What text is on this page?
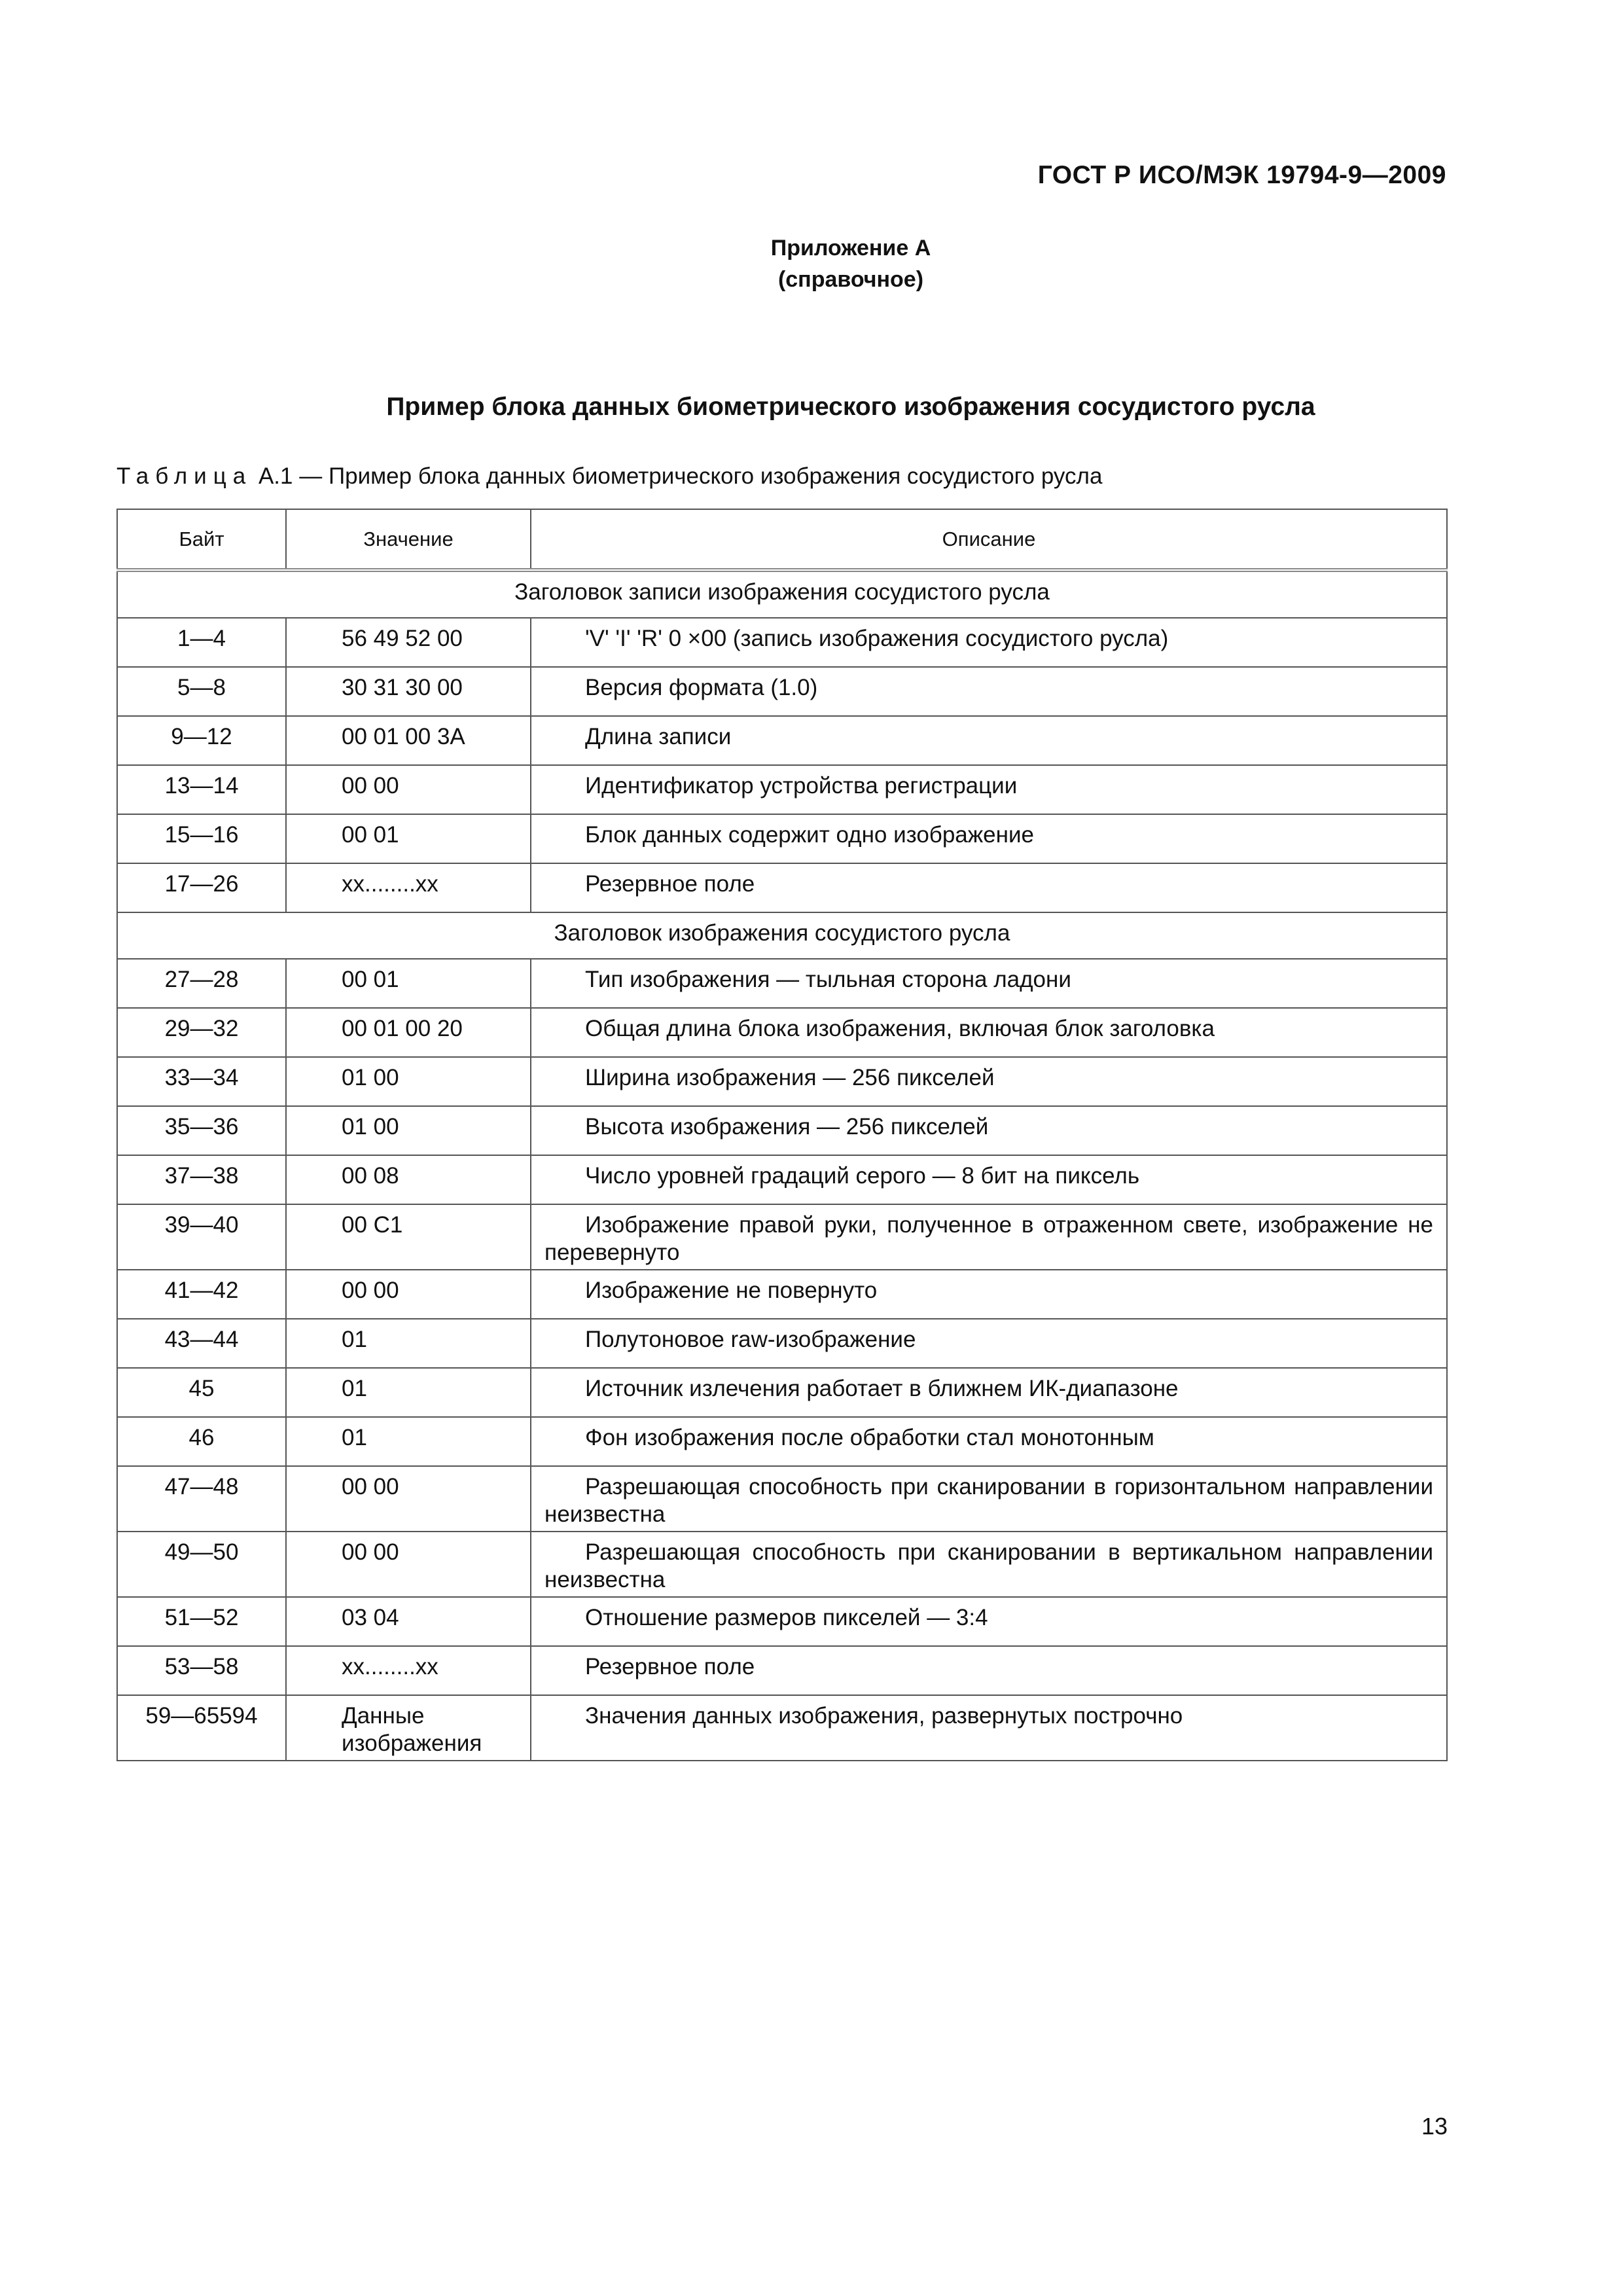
ГОСТ Р ИСО/МЭК 19794-9—2009
Приложение А
(справочное)
Пример блока данных биометрического изображения сосудистого русла
Таблица А.1 — Пример блока данных биометрического изображения сосудистого русла
Байт	Значение	Описание
Заголовок записи изображения сосудистого русла		
1—4	56 49 52 00	'V' 'I' 'R' 0 ×00 (запись изображения сосудистого русла)
5—8	30 31 30 00	Версия формата (1.0)
9—12	00 01 00 3A	Длина записи
13—14	00 00	Идентификатор устройства регистрации
15—16	00 01	Блок данных содержит одно изображение
17—26	xx........xx	Резервное поле
Заголовок изображения сосудистого русла		
27—28	00 01	Тип изображения — тыльная сторона ладони
29—32	00 01 00 20	Общая длина блока изображения, включая блок заголовка
33—34	01 00	Ширина изображения — 256 пикселей
35—36	01 00	Высота изображения — 256 пикселей
37—38	00 08	Число уровней градаций серого — 8 бит на пиксель
39—40	00 C1	Изображение правой руки, полученное в отраженном свете, изображение не перевернуто
41—42	00 00	Изображение не повернуто
43—44	01	Полутоновое raw-изображение
45	01	Источник излечения работает в ближнем ИК-диапазоне
46	01	Фон изображения после обработки стал монотонным
47—48	00 00	Разрешающая способность при сканировании в горизонтальном направлении неизвестна
49—50	00 00	Разрешающая способность при сканировании в вертикальном направлении неизвестна
51—52	03 04	Отношение размеров пикселей — 3:4
53—58	xx........xx	Резервное поле
59—65594	Данные изображения	Значения данных изображения, развернутых построчно
13
